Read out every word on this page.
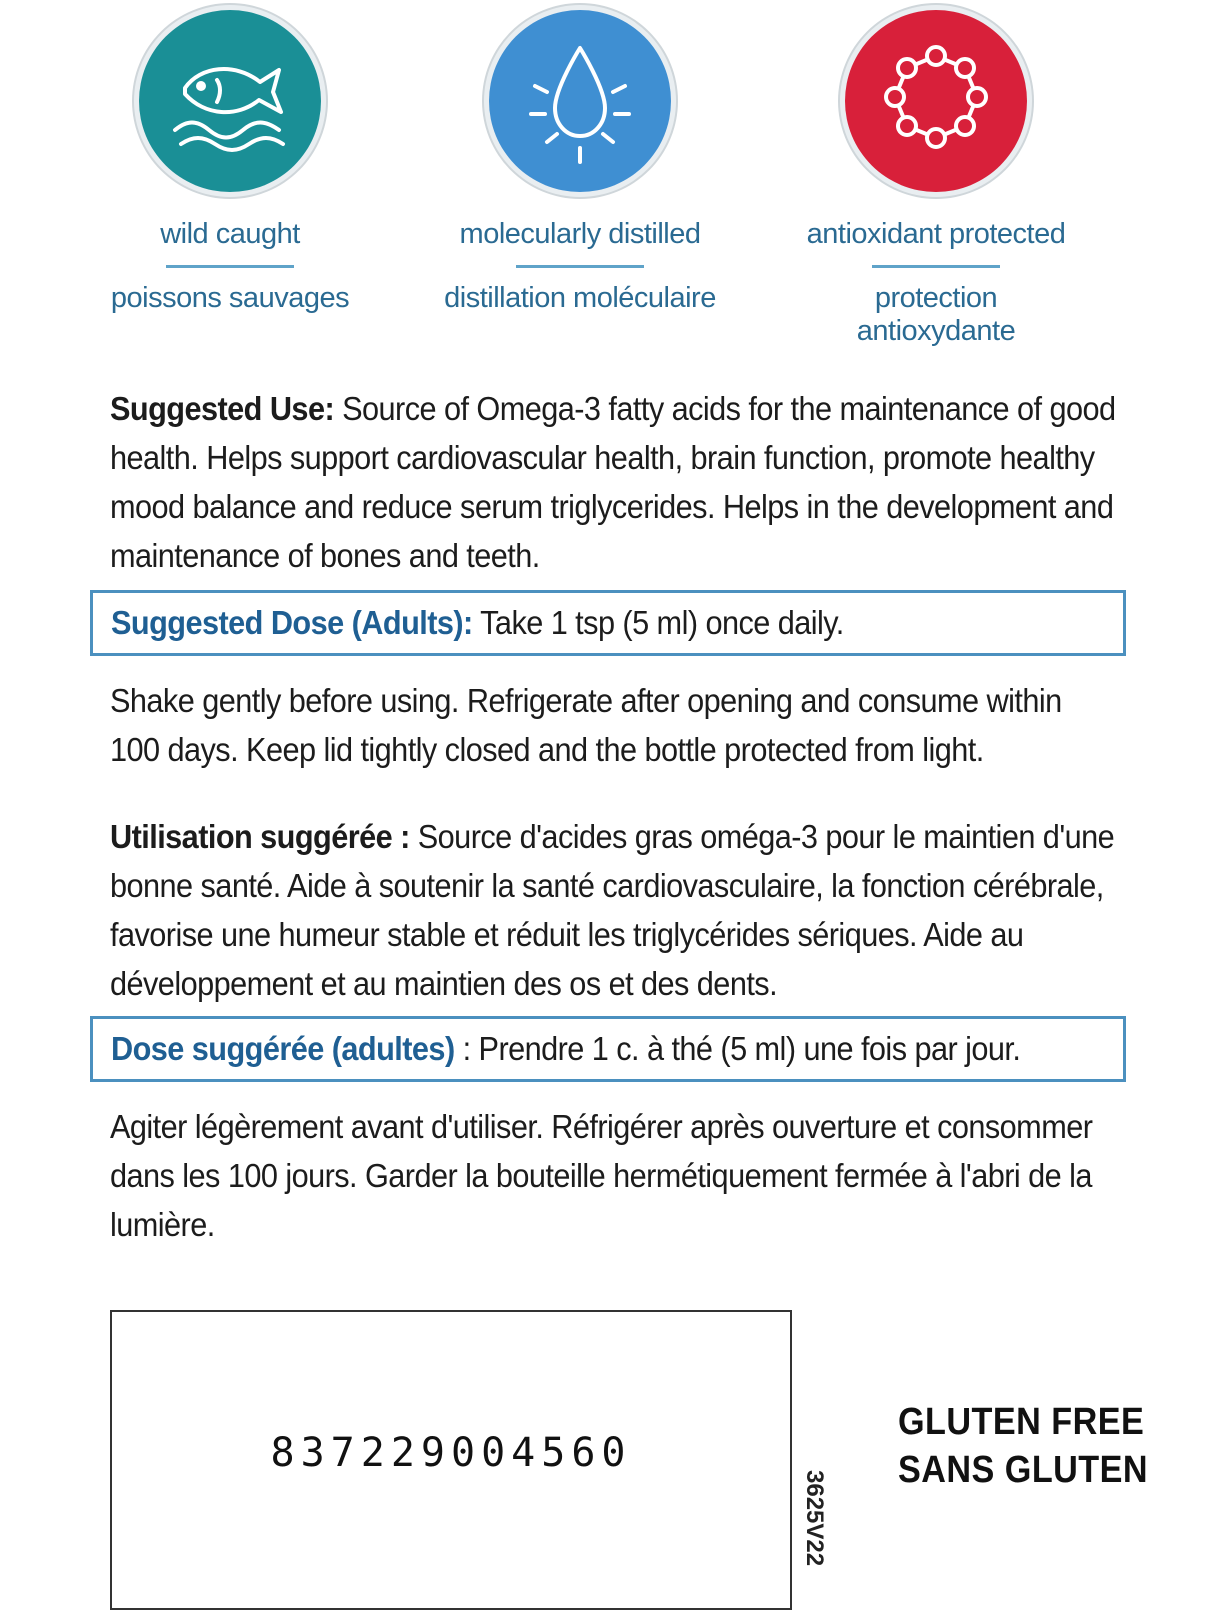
wild caught
poissons sauvages
molecularly distilled
distillation moléculaire
antioxidant protected
protection antioxydante

Suggested Use: Source of Omega-3 fatty acids for the maintenance of good health. Helps support cardiovascular health, brain function, promote healthy mood balance and reduce serum triglycerides. Helps in the development and maintenance of bones and teeth.

Suggested Dose (Adults): Take 1 tsp (5 ml) once daily.

Shake gently before using. Refrigerate after opening and consume within 100 days. Keep lid tightly closed and the bottle protected from light.

Utilisation suggérée : Source d'acides gras oméga-3 pour le maintien d'une bonne santé. Aide à soutenir la santé cardiovasculaire, la fonction cérébrale, favorise une humeur stable et réduit les triglycérides sériques. Aide au développement et au maintien des os et des dents.

Dose suggérée (adultes) : Prendre 1 c. à thé (5 ml) une fois par jour.

Agiter légèrement avant d'utiliser. Réfrigérer après ouverture et consommer dans les 100 jours. Garder la bouteille hermétiquement fermée à l'abri de la lumière.

837229004560
3625V22
GLUTEN FREE
SANS GLUTEN
